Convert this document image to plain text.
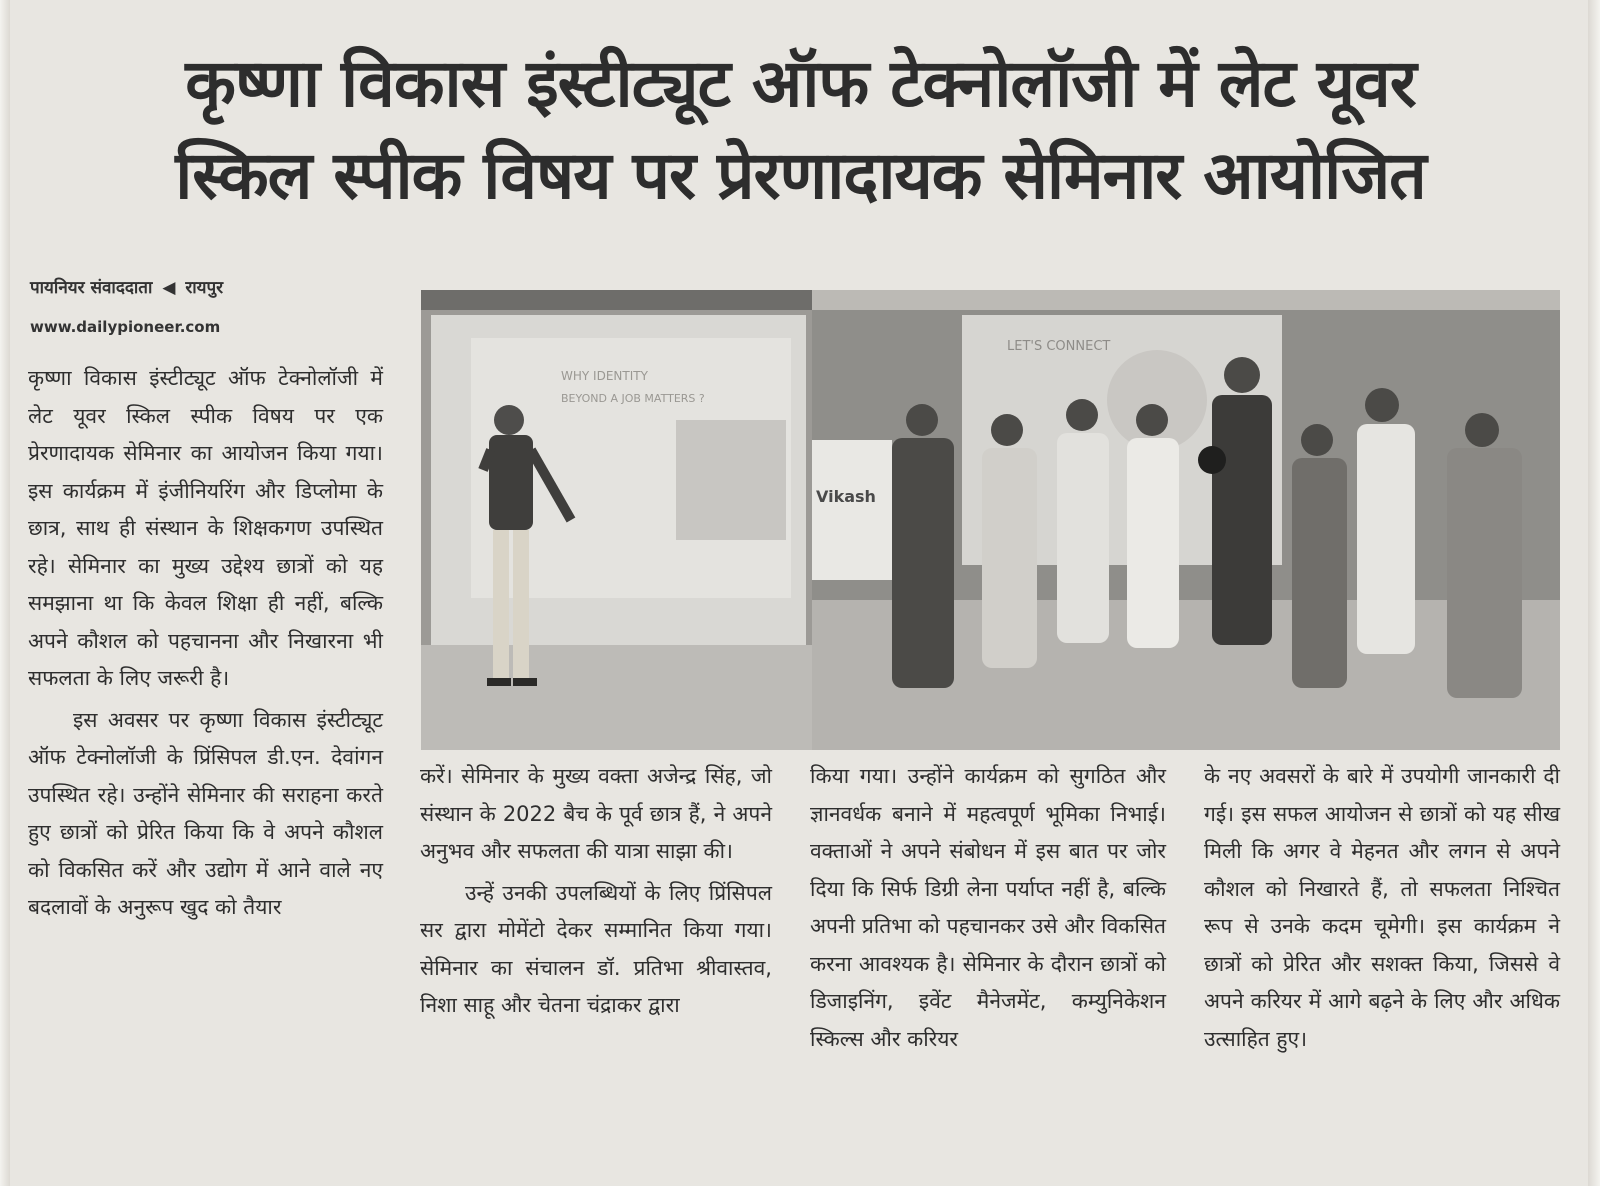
कृष्णा विकास इंस्टीट्यूट ऑफ टेक्नोलॉजी में लेट यूवर
स्किल स्पीक विषय पर प्रेरणादायक सेमिनार आयोजित
पायनियर संवाददाता ◀ रायपुर
www.dailypioneer.com
WHY IDENTITY
BEYOND A JOB MATTERS ?
LET'S CONNECT
Vikash

कृष्णा विकास इंस्टीट्यूट ऑफ टेक्नोलॉजी में लेट यूवर स्किल स्पीक विषय पर एक प्रेरणादायक सेमिनार का आयोजन किया गया। इस कार्यक्रम में इंजीनियरिंग और डिप्लोमा के छात्र, साथ ही संस्थान के शिक्षकगण उपस्थित रहे। सेमिनार का मुख्य उद्देश्य छात्रों को यह समझाना था कि केवल शिक्षा ही नहीं, बल्कि अपने कौशल को पहचानना और निखारना भी सफलता के लिए जरूरी है।

इस अवसर पर कृष्णा विकास इंस्टीट्यूट ऑफ टेक्नोलॉजी के प्रिंसिपल डी.एन. देवांगन उपस्थित रहे। उन्होंने सेमिनार की सराहना करते हुए छात्रों को प्रेरित किया कि वे अपने कौशल को विकसित करें और उद्योग में आने वाले नए बदलावों के अनुरूप खुद को तैयार

करें। सेमिनार के मुख्य वक्ता अजेन्द्र सिंह, जो संस्थान के 2022 बैच के पूर्व छात्र हैं, ने अपने अनुभव और सफलता की यात्रा साझा की।

उन्हें उनकी उपलब्धियों के लिए प्रिंसिपल सर द्वारा मोमेंटो देकर सम्मानित किया गया। सेमिनार का संचालन डॉ. प्रतिभा श्रीवास्तव, निशा साहू और चेतना चंद्राकर द्वारा

किया गया। उन्होंने कार्यक्रम को सुगठित और ज्ञानवर्धक बनाने में महत्वपूर्ण भूमिका निभाई। वक्ताओं ने अपने संबोधन में इस बात पर जोर दिया कि सिर्फ डिग्री लेना पर्याप्त नहीं है, बल्कि अपनी प्रतिभा को पहचानकर उसे और विकसित करना आवश्यक है। सेमिनार के दौरान छात्रों को डिजाइनिंग, इवेंट मैनेजमेंट, कम्युनिकेशन स्किल्स और करियर

के नए अवसरों के बारे में उपयोगी जानकारी दी गई। इस सफल आयोजन से छात्रों को यह सीख मिली कि अगर वे मेहनत और लगन से अपने कौशल को निखारते हैं, तो सफलता निश्चित रूप से उनके कदम चूमेगी। इस कार्यक्रम ने छात्रों को प्रेरित और सशक्त किया, जिससे वे अपने करियर में आगे बढ़ने के लिए और अधिक उत्साहित हुए।
